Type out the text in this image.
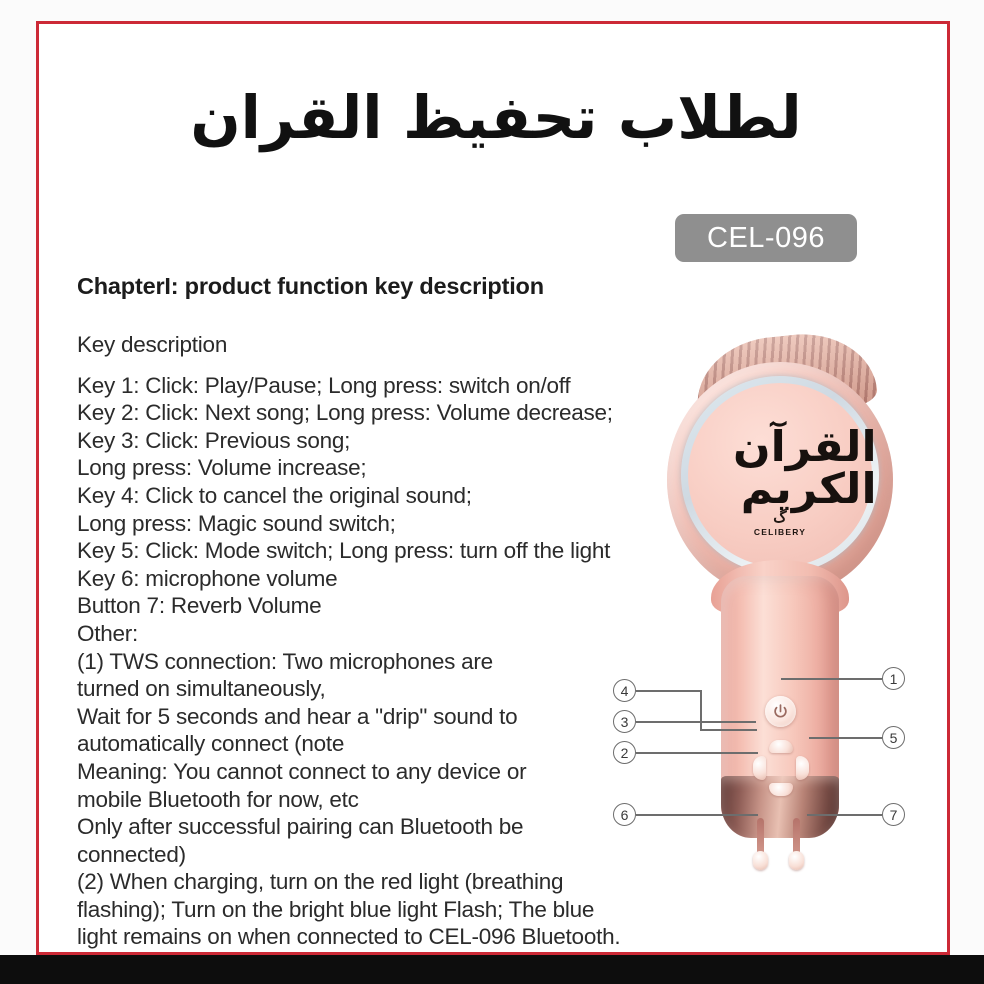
لطلاب تحفيظ القران
CEL-096
ChapterI: product function key description
Key description
Key 1: Click: Play/Pause; Long press: switch on/off
Key 2: Click: Next song; Long press: Volume decrease;
Key 3: Click: Previous song;
Long press: Volume increase;
Key 4: Click to cancel the original sound;
Long press: Magic sound switch;
Key 5: Click: Mode switch; Long press: turn off the light
Key 6: microphone volume
Button 7: Reverb Volume
Other:
(1) TWS connection: Two microphones are
turned on simultaneously,
Wait for 5 seconds and hear a "drip" sound to
automatically connect (note
Meaning: You cannot connect to any device or
mobile Bluetooth for now, etc
Only after successful pairing can Bluetooth be
connected)
(2) When charging, turn on the red light (breathing
flashing); Turn on the bright blue light Flash; The blue
light remains on when connected to CEL-096 Bluetooth.
القرآن الكريم
ﮒ
CELIBERY
4
3
2
6
1
5
7
